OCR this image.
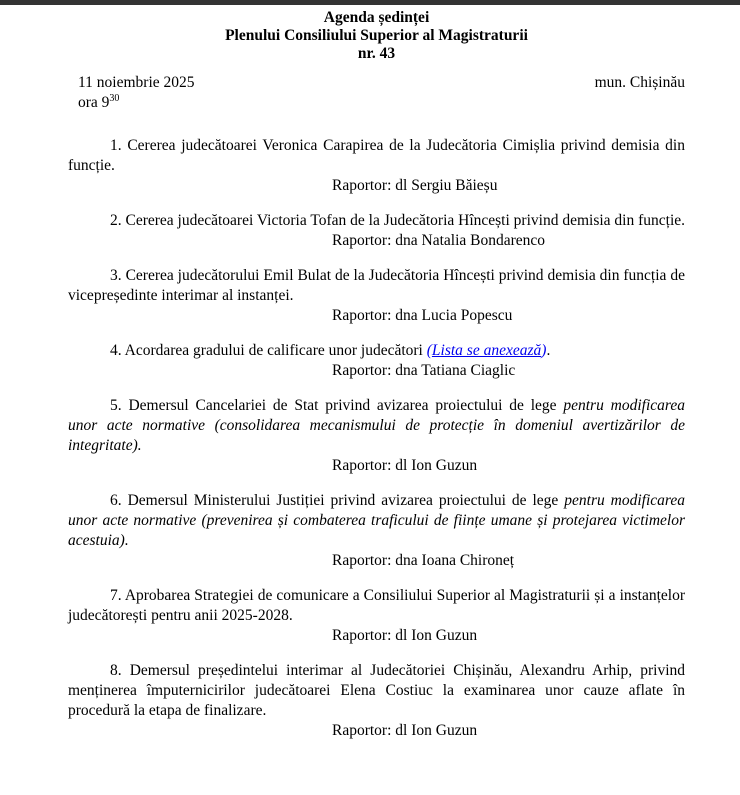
Agenda ședinței
Plenului Consiliului Superior al Magistraturii
nr. 43
11 noiembrie 2025	mun. Chișinău
ora $9^{30}$

1. Cererea judecătoarei Veronica Carapirea de la Judecătoria Cimișlia privind demisia din funcție.

Raportor: dl Sergiu Băieșu

2. Cererea judecătoarei Victoria Tofan de la Judecătoria Hîncești privind demisia din funcție.

Raportor: dna Natalia Bondarenco

3. Cererea judecătorului Emil Bulat de la Judecătoria Hîncești privind demisia din funcția de vicepreședinte interimar al instanței.

Raportor: dna Lucia Popescu

4. Acordarea gradului de calificare unor judecători (Lista se anexează).

Raportor: dna Tatiana Ciaglic

5. Demersul Cancelariei de Stat privind avizarea proiectului de lege pentru modificarea unor acte normative (consolidarea mecanismului de protecție în domeniul avertizărilor de integritate).

Raportor: dl Ion Guzun

6. Demersul Ministerului Justiției privind avizarea proiectului de lege pentru modificarea unor acte normative (prevenirea și combaterea traficului de ființe umane și protejarea victimelor acestuia).

Raportor: dna Ioana Chironeț

7. Aprobarea Strategiei de comunicare a Consiliului Superior al Magistraturii și a instanțelor judecătorești pentru anii 2025-2028.

Raportor: dl Ion Guzun

8. Demersul președintelui interimar al Judecătoriei Chișinău, Alexandru Arhip, privind menținerea împuternicirilor judecătoarei Elena Costiuc la examinarea unor cauze aflate în procedură la etapa de finalizare.

Raportor: dl Ion Guzun
